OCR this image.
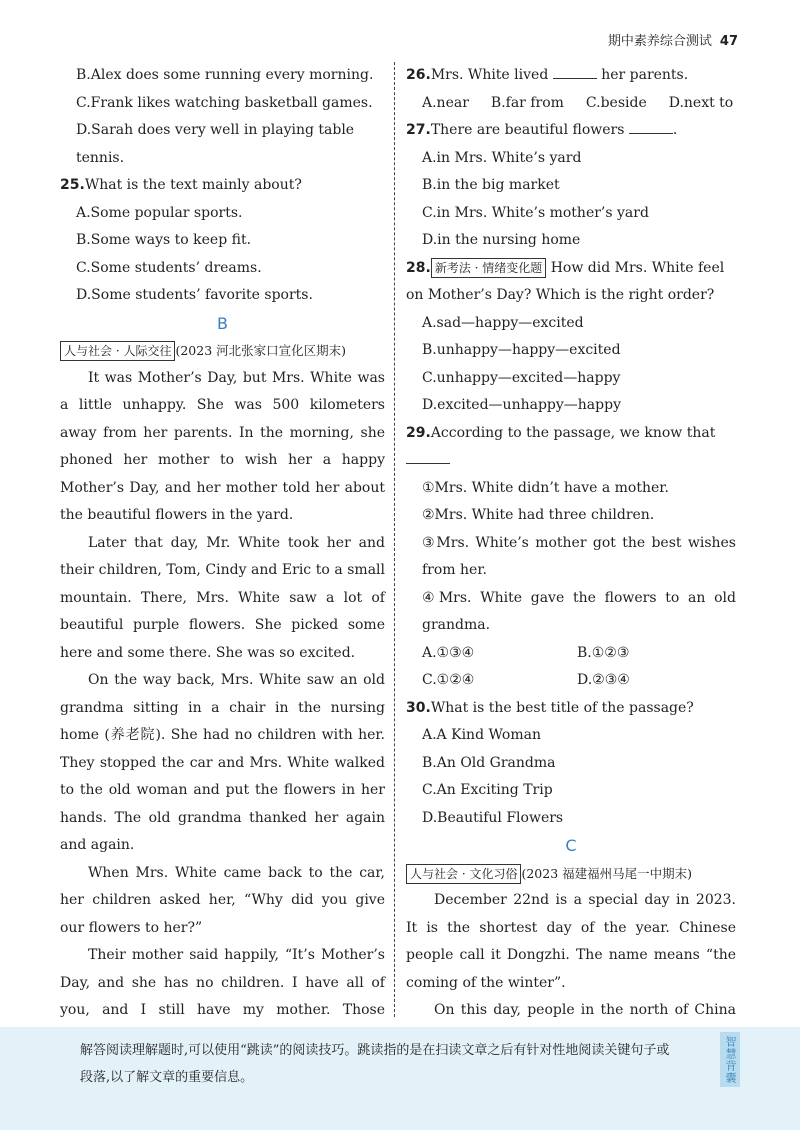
期中素养综合测试 47
B.Alex does some running every morning.
C.Frank likes watching basketball games.
D.Sarah does very well in playing table tennis.
25.What is the text mainly about?
A.Some popular sports.
B.Some ways to keep fit.
C.Some students’ dreams.
D.Some students’ favorite sports.
B
人与社会 · 人际交往 (2023 河北张家口宣化区期末)

It was Mother’s Day, but Mrs. White was a little unhappy. She was 500 kilometers away from her parents. In the morning, she phoned her mother to wish her a happy Mother’s Day, and her mother told her about the beautiful flowers in the yard.

Later that day, Mr. White took her and their children, Tom, Cindy and Eric to a small mountain. There, Mrs. White saw a lot of beautiful purple flowers. She picked some here and some there. She was so excited.

On the way back, Mrs. White saw an old grandma sitting in a chair in the nursing home (养老院). She had no children with her. They stopped the car and Mrs. White walked to the old woman and put the flowers in her hands. The old grandma thanked her again and again.

When Mrs. White came back to the car, her children asked her, “Why did you give our flowers to her?”

Their mother said happily, “It’s Mother’s Day, and she has no children. I have all of you, and I still have my mother. Those

26.Mrs. White lived	her parents.
A.near B.far from C.beside D.next to
27.There are beautiful flowers	.
A.in Mrs. White’s yard
B.in the big market
C.in Mrs. White’s mother’s yard
D.in the nursing home
28. 新考法 · 情绪变化题 How did Mrs. White feel
on Mother’s Day? Which is the right order?
A.sad—happy—excited
B.unhappy—happy—excited
C.unhappy—excited—happy
D.excited—unhappy—happy
29.According to the passage, we know that
①Mrs. White didn’t have a mother.
②Mrs. White had three children.
③Mrs. White’s mother got the best wishes from her.
④Mrs. White gave the flowers to an old grandma.
A.①③④	B.①②③
C.①②④	D.②③④
30.What is the best title of the passage?
A.A Kind Woman
B.An Old Grandma
C.An Exciting Trip
D.Beautiful Flowers
C
人与社会 · 文化习俗 (2023 福建福州马尾一中期末)

December 22nd is a special day in 2023. It is the shortest day of the year. Chinese people call it Dongzhi. The name means “the coming of the winter”.

On this day, people in the north of China

解答阅读理解题时,可以使用“跳读”的阅读技巧。跳读指的是在扫读文章之后有针对性地阅读关键句子或段落,以了解文章的重要信息。	智慧背囊
